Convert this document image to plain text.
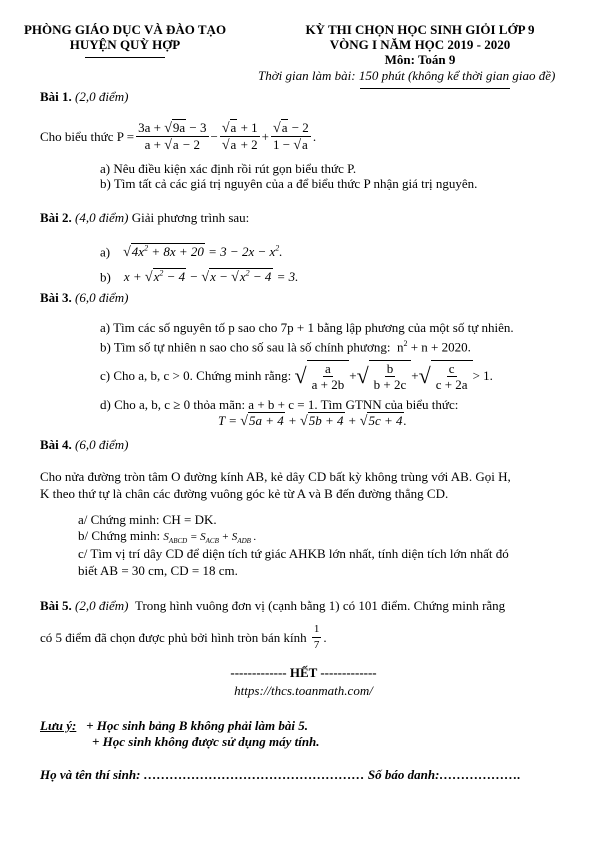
PHÒNG GIÁO DỤC VÀ ĐÀO TẠO
HUYỆN QUỲ HỢP
KỲ THI CHỌN HỌC SINH GIỎI LỚP 9
VÒNG I NĂM HỌC 2019 - 2020
Môn: Toán 9
Thời gian làm bài: 150 phút (không kể thời gian giao đề)
Bài 1. (2,0 điểm)
Cho biểu thức $P = \frac{3a + √9a - 3}{a + √a - 2} - \frac{√a + 1}{√a + 2} + \frac{√a - 2}{1 - √a}$ .
a) Nêu điều kiện xác định rồi rút gọn biểu thức P.
b) Tìm tất cả các giá trị nguyên của a để biểu thức P nhận giá trị nguyên.
Bài 2. (4,0 điểm) Giải phương trình sau:
a) $√4x^2 + 8x + 20 = 3 - 2x - x^2$.
b) $x + √x^2 - 4 - √x - √x^2 - 4 = 3$.
Bài 3. (6,0 điểm)
a) Tìm các số nguyên tố p sao cho 7p + 1 bằng lập phương của một số tự nhiên.
b) Tìm số tự nhiên n sao cho số sau là số chính phương:  $n^2 + n + 2020$.
c) Cho a, b, c > 0. Chứng minh rằng:
√ $\frac{a}{a + 2b}$ + √ $\frac{b}{b + 2c}$ + √ $\frac{c}{c + 2a} > 1$.
d) Cho a, b, c ≥ 0 thỏa mãn: a + b + c = 1. Tìm GTNN của biểu thức:
T = √5a + 4 + √5b + 4 + √5c + 4.
Bài 4. (6,0 điểm)
Cho nửa đường tròn tâm O đường kính AB, kẻ dây CD bất kỳ không trùng với AB. Gọi H,
K theo thứ tự là chân các đường vuông góc kẻ từ A và B đến đường thẳng CD.
a/ Chứng minh: CH = DK.
b/ Chứng minh: $S_{ABCD} = S_{ACB} + S_{ADB}$ .
c/ Tìm vị trí dây CD để diện tích tứ giác AHKB lớn nhất, tính diện tích lớn nhất đó
biết AB = 30 cm, CD = 18 cm.
Bài 5. (2,0 điểm) Trong hình vuông đơn vị (cạnh bằng 1) có 101 điểm. Chứng minh rằng
có 5 điểm đã chọn được phủ bởi hình tròn bán kính
$\frac{1}{7}$ .
------------- HẾT -------------
https://thcs.toanmath.com/
Lưu ý: + Học sinh bảng B không phải làm bài 5.
+ Học sinh không được sử dụng máy tính.
Họ và tên thí sinh: …………………………………………… Số báo danh:……………….
